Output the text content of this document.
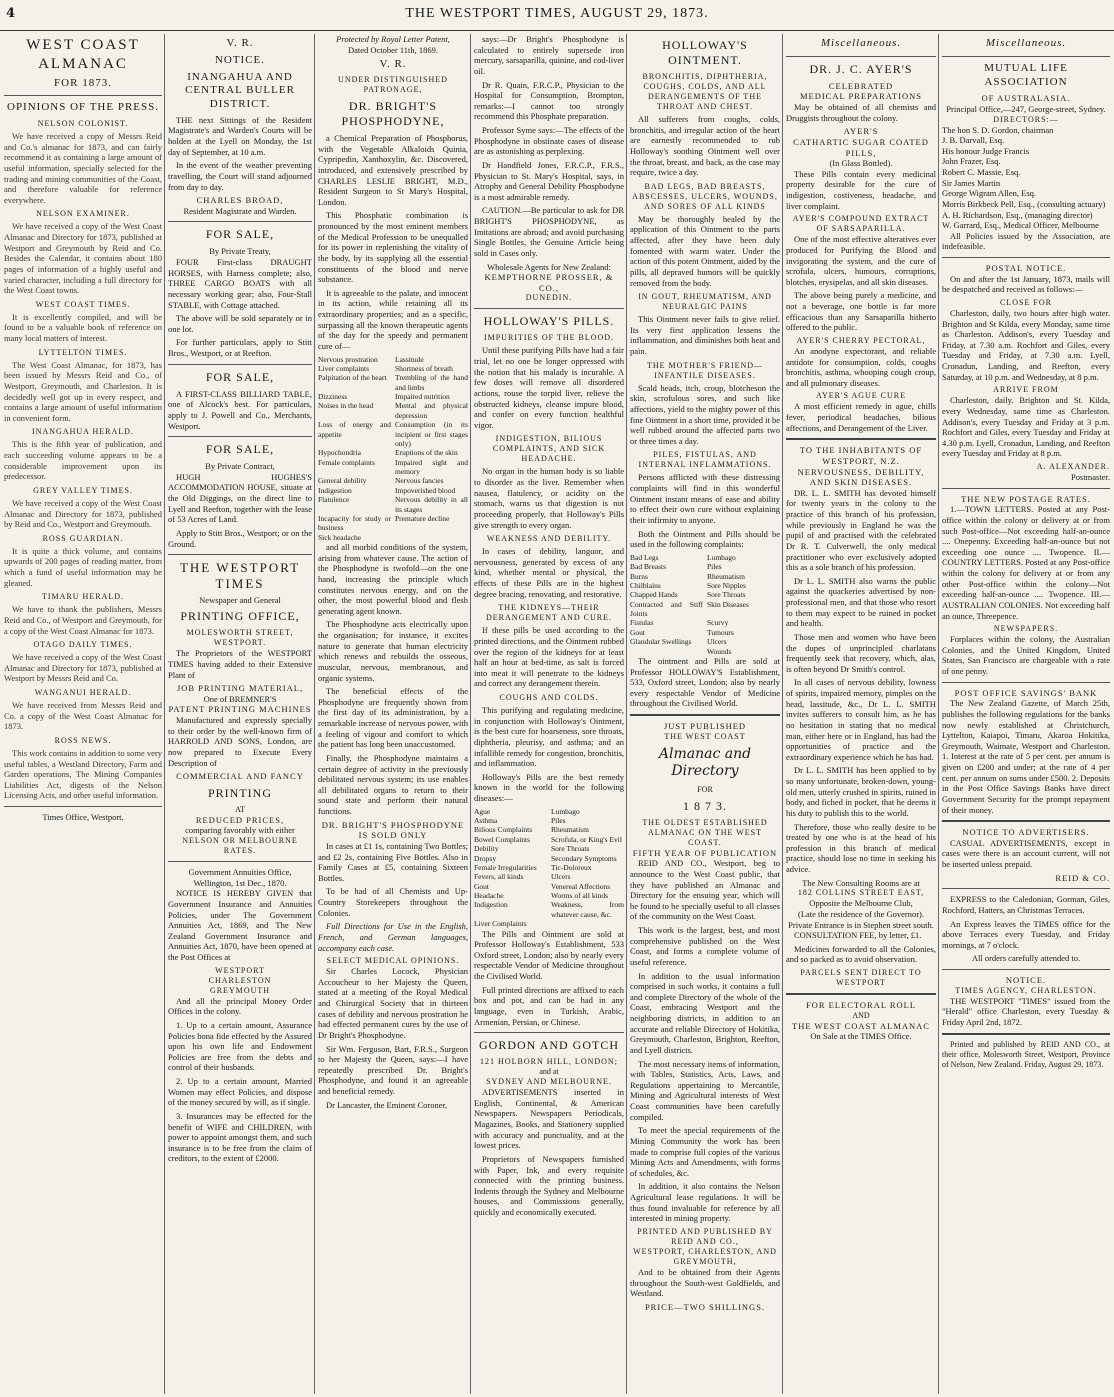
4	THE WESTPORT TIMES, AUGUST 29, 1873.
WEST COAST ALMANAC
FOR 1873.
OPINIONS OF THE PRESS.
NELSON COLONIST.

We have received a copy of Messrs Reid and Co.'s almanac for 1873, and can fairly recommend it as containing a large amount of useful information, specially selected for the trading and mining communities of the Coast, and therefore valuable for reference everywhere.

NELSON EXAMINER.

We have received a copy of the West Coast Almanac and Directory for 1873, published at Westport and Greymouth by Reid and Co. Besides the Calendar, it contains about 180 pages of information of a highly useful and varied character, including a full directory for the West Coast towns.

WEST COAST TIMES.

It is excellently compiled, and will be found to be a valuable book of reference on many local matters of interest.

LYTTELTON TIMES.

The West Coast Almanac, for 1873, has been issued by Messrs Reid and Co., of Westport, Greymouth, and Charleston. It is decidedly well got up in every respect, and contains a large amount of useful information in convenient form.

INANGAHUA HERALD.

This is the fifth year of publication, and each succeeding volume appears to be a considerable improvement upon its predecessor.

GREY VALLEY TIMES.

We have received a copy of the West Coast Almanac and Directory for 1873, published by Reid and Co., Westport and Greymouth.

ROSS GUARDIAN.

It is quite a thick volume, and contains upwards of 200 pages of reading matter, from which a fund of useful information may be gleaned.

TIMARU HERALD.

We have to thank the publishers, Messrs Reid and Co., of Westport and Greymouth, for a copy of the West Coast Almanac for 1873.

OTAGO DAILY TIMES.

We have received a copy of the West Coast Almanac and Directory for 1873, published at Westport by Messrs Reid and Co.

WANGANUI HERALD.

We have received from Messrs Reid and Co. a copy of the West Coast Almanac for 1873.

ROSS NEWS.

This work contains in addition to some very useful tables, a Westland Directory, Farm and Garden operations, The Mining Companies Liabilities Act, digests of the Nelson Licensing Acts, and other useful information.

Times Office, Westport.
V. R.
NOTICE.
INANGAHUA AND CENTRAL BULLER DISTRICT.

THE next Sittings of the Resident Magistrate's and Warden's Courts will be holden at the Lyell on Monday, the 1st day of September, at 10 a.m.

In the event of the weather preventing travelling, the Court will stand adjourned from day to day.

CHARLES BROAD,
Resident Magistrate and Warden.
FOR SALE,
By Private Treaty,

FOUR First-class DRAUGHT HORSES, with Harness complete; also, THREE CARGO BOATS with all necessary working gear; also, Four-Stall STABLE, with Cottage attached.

The above will be sold separately or in one lot.

For further particulars, apply to Stitt Bros., Westport, or at Reefton.

FOR SALE,

A FIRST-CLASS BILLIARD TABLE, one of Alcock's best. For particulars, apply to J. Powell and Co., Merchants, Westport.

FOR SALE,
By Private Contract,

HUGH HUGHES'S ACCOMMODATION HOUSE, situate at the Old Diggings, on the direct line to Lyell and Reefton, together with the lease of 53 Acres of Land.

Apply to Stitt Bros., Westport; or on the Ground.

THE WESTPORT TIMES
Newspaper and General
PRINTING OFFICE,
MOLESWORTH STREET,
WESTPORT.

The Proprietors of the WESTPORT TIMES having added to their Extensive Plant of

JOB PRINTING MATERIAL,
One of BREMNER'S
PATENT PRINTING MACHINES

Manufactured and expressly specially to their order by the well-known firm of HARROLD AND SONS, London, are now prepared to Execute Every Description of

COMMERCIAL AND FANCY
PRINTING
AT
REDUCED PRICES,
comparing favorably with either
NELSON OR MELBOURNE RATES.
Government Annuities Office,
Wellington, 1st Dec., 1870.

NOTICE IS HEREBY GIVEN that Government Insurance and Annuities Policies, under The Government Annuities Act, 1869, and The New Zealand Government Insurance and Annuities Act, 1870, have been opened at the Post Offices at

WESTPORT
CHARLESTON
GREYMOUTH

And all the principal Money Order Offices in the colony.

1. Up to a certain amount, Assurance Policies bona fide effected by the Assured upon his own life and Endowment Policies are free from the debts and control of their husbands.

2. Up to a certain amount, Married Women may effect Policies, and dispose of the money secured by will, as if single.

3. Insurances may be effected for the benefit of WIFE and CHILDREN, with power to appoint amongst them, and such insurance is to be free from the claim of creditors, to the extent of £2000.

Protected by Royal Letter Patent,
Dated October 11th, 1869.
V. R.
UNDER DISTINGUISHED PATRONAGE,
DR. BRIGHT'S PHOSPHODYNE,

a Chemical Preparation of Phosphorus, with the Vegetable Alkaloids Quinia, Cypripedin, Xanthoxylin, &c. Discovered, introduced, and extensively prescribed by CHARLES LESLIE BRIGHT, M.D., Resident Surgeon to St Mary's Hospital, London.

This Phosphatic combination is pronounced by the most eminent members of the Medical Profession to be unequalled for its power in replenishing the vitality of the body, by its supplying all the essential constituents of the blood and nerve substance.

It is agreeable to the palate, and innocent in its action, while retaining all its extraordinary properties; and as a specific, surpassing all the known therapeutic agents of the day for the speedy and permanent cure of—

Nervous prostration	Lassitude
Liver complaints	Shortness of breath
Palpitation of the heart	Trembling of the hand and limbs
Dizziness	Impaired nutrition
Noises in the head	Mental and physical depression
Loss of energy and appetite
Consumption (in its incipient or first stages only)
Hypochondria	Eruptions of the skin
Female complaints	Impaired sight and memory
General debility	Nervous fancies
Indigestion	Impoverished blood
Flatulence	Nervous debility in all its stages
Incapacity for study or business
Premature decline
Sick headache

and all morbid conditions of the system, arising from whatever cause. The action of the Phosphodyne is twofold—on the one hand, increasing the principle which constitutes nervous energy, and on the other, the most powerful blood and flesh generating agent known.

The Phosphodyne acts electrically upon the organisation; for instance, it excites nature to generate that human electricity which renews and rebuilds the osseous, muscular, nervous, membranous, and organic systems.

The beneficial effects of the Phosphodyne are frequently shown from the first day of its administration, by a remarkable increase of nervous power, with a feeling of vigour and comfort to which the patient has long been unaccustomed.

Finally, the Phosphodyne maintains a certain degree of activity in the previously debilitated nervous system; its use enables all debilitated organs to return to their sound state and perform their natural functions.

DR. BRIGHT'S PHOSPHODYNE IS SOLD ONLY

In cases at £1 1s, containing Two Bottles; and £2 2s, containing Five Bottles. Also in Family Cases at £5, containing Sixteen Bottles.

To be had of all Chemists and Up-Country Storekeepers throughout the Colonies.

Full Directions for Use in the English, French, and German languages, accompany each case.

SELECT MEDICAL OPINIONS.

Sir Charles Locock, Physician Accoucheur to her Majesty the Queen, stated at a meeting of the Royal Medical and Chirurgical Society that in thirteen cases of debility and nervous prostration he had effected permanent cures by the use of Dr Bright's Phosphodyne.

Sir Wm. Ferguson, Bart, F.R.S., Surgeon to her Majesty the Queen, says:—I have repeatedly prescribed Dr. Bright's Phosphodyne, and found it an agreeable and beneficial remedy.

Dr Lancaster, the Eminent Coroner,

says:—Dr Bright's Phosphodyne is calculated to entirely supersede iron mercury, sarsaparilla, quinine, and cod-liver oil.

Dr R. Quain, F.R.C.P., Physician to the Hospital for Consumption, Brompton, remarks:—I cannot too strongly recommend this Phosphate preparation.

Professor Syme says:—The effects of the Phosphodyne in obstinate cases of disease are as astonishing as perplexing.

Dr Handfield Jones, F.R.C.P., F.R.S., Physician to St. Mary's Hospital, says, in Atrophy and General Debility Phosphodyne is a most admirable remedy.

CAUTION.—Be particular to ask for DR BRIGHT'S PHOSPHODYNE, as Imitations are abroad; and avoid purchasing Single Bottles, the Genuine Article being sold in Cases only.

Wholesale Agents for New Zealand:
KEMPTHORNE PROSSER, & CO.,
DUNEDIN.
HOLLOWAY'S PILLS.
IMPURITIES OF THE BLOOD.

Until these purifying Pills have had a fair trial, let no one be longer oppressed with the notion that his malady is incurable. A few doses will remove all disordered actions, rouse the torpid liver, relieve the obstructed kidneys, cleanse impure blood, and confer on every function healthful vigor.

INDIGESTION, BILIOUS COMPLAINTS, AND SICK HEADACHE.

No organ in the human body is so liable to disorder as the liver. Remember when nausea, flatulency, or acidity on the stomach, warns us that digestion is not proceeding properly, that Holloway's Pills give strength to every organ.

WEAKNESS AND DEBILITY.

In cases of debility, languor, and nervousness, generated by excess of any kind, whether mental or physical, the effects of these Pills are in the highest degree bracing, renovating, and restorative.

THE KIDNEYS—THEIR DERANGEMENT AND CURE.

If these pills be used according to the printed directions, and the Ointment rubbed over the region of the kidneys for at least half an hour at bed-time, as salt is forced into meat it will penetrate to the kidneys and correct any derangement therein.

COUGHS AND COLDS.

This purifying and regulating medicine, in conjunction with Holloway's Ointment, is the best cure for hoarseness, sore throats, diphtheria, pleurisy, and asthma; and an infallible remedy for congestion, bronchitis, and inflammation.

Holloway's Pills are the best remedy known in the world for the following diseases:—

Ague	Lumbago
Asthma	Piles
Bilious Complaints	Rheumatism
Bowel Complaints	Scrofula, or King's Evil
Debility	Sore Throats
Dropsy	Secondary Symptoms
Female Irregularities	Tic-Doloreux
Fevers, all kinds	Ulcers
Gout	Venereal Affections
Headache	Worms of all kinds
Indigestion	Weakness, from whatever cause, &c.
Liver Complaints

The Pills and Ointment are sold at Professor Holloway's Establishment, 533 Oxford street, London; also by nearly every respectable Vendor of Medicine throughout the Civilised World.

Full printed directions are affixed to each box and pot, and can be had in any language, even in Turkish, Arabic, Armenian, Persian, or Chinese.

GORDON AND GOTCH
121 HOLBORN HILL, LONDON;
and at
SYDNEY AND MELBOURNE.

ADVERTISEMENTS inserted in English, Continental, & American Newspapers. Newspapers Periodicals, Magazines, Books, and Stationery supplied with accuracy and punctuality, and at the lowest prices.

Proprietors of Newspapers furnished with Paper, Ink, and every requisite connected with the printing business. Indents through the Sydney and Melbourne houses, and Commissions generally, quickly and economically executed.

HOLLOWAY'S OINTMENT.
BRONCHITIS, DIPHTHERIA, COUGHS, COLDS, AND ALL DERANGEMENTS OF THE THROAT AND CHEST.

All sufferers from coughs, colds, bronchitis, and irregular action of the heart are earnestly recommended to rub Holloway's soothing Ointment well over the throat, breast, and back, as the case may require, twice a day.

BAD LEGS, BAD BREASTS, ABSCESSES, ULCERS, WOUNDS, AND SORES OF ALL KINDS

May be thoroughly healed by the application of this Ointment to the parts affected, after they have been duly fomented with warm water. Under the action of this potent Ointment, aided by the pills, all depraved humors will be quickly removed from the body.

IN GOUT, RHEUMATISM, AND NEURALGIC PAINS

This Ointment never fails to give relief. Its very first application lessens the inflammation, and diminishes both heat and pain.

THE MOTHER'S FRIEND—INFANTILE DISEASES.

Scald heads, itch, croup, blotcheson the skin, scrofulous sores, and such like affections, yield to the mighty power of this fine Ointment in a short time, provided it be well rubbed around the affected parts two or three times a day.

PILES, FISTULAS, AND INTERNAL INFLAMMATIONS.

Persons afflicted with these distressing complaints will find in this wonderful Ointment instant means of ease and ability to effect their own cure without explaining their infirmity to anyone.

Both the Ointment and Pills should be used in the following complaints:

Bad Legs	Lumbago
Bad Breasts	Piles
Burns	Rheumatism
Chilblains	Sore Nipples
Chapped Hands	Sore Throats
Contracted and Stiff Joints
Skin Diseases
Fistulas	Scurvy
Gout	Tumours
Glandular Swellings	Ulcers
Wounds

The ointment and Pills are sold at Professor HOLLOWAY'S Establishment, 533, Oxford street, London; also by nearly every respectable Vendor of Medicine throughout the Civilised World.

JUST PUBLISHED
THE WEST COAST
Almanac and Directory
FOR
1 8 7 3.
THE OLDEST ESTABLISHED ALMANAC ON THE WEST COAST.
FIFTH YEAR OF PUBLICATION

REID AND CO., Westport, beg to announce to the West Coast public, that they have published an Almanac and Directory for the ensuing year, which will be found to be specially useful to all classes of the community on the West Coast.

This work is the largest, best, and most comprehensive published on the West Coast, and forms a complete volume of useful reference.

In addition to the usual information comprised in such works, it contains a full and complete Directory of the whole of the Coast, embracing Westport and the neighboring districts, in addition to an accurate and reliable Directory of Hokitika, Greymouth, Charleston, Brighton, Reefton, and Lyell districts.

The most necessary items of information, with Tables, Statistics, Acts, Laws, and Regulations appertaining to Mercantile, Mining and Agricultural interests of West Coast communities have been carefully compiled.

To meet the special requirements of the Mining Community the work has been made to comprise full copies of the various Mining Acts and Amendments, with forms of schedules, &c.

In addition, it also contains the Nelson Agricultural lease regulations. It will be thus found invaluable for reference by all interested in mining property.

PRINTED AND PUBLISHED BY
REID AND CO.,
WESTPORT, CHARLESTON, AND GREYMOUTH,

And to be obtained from their Agents throughout the South-west Goldfields, and Westland.

PRICE—TWO SHILLINGS.
Miscellaneous.
DR. J. C. AYER'S
CELEBRATED
MEDICAL PREPARATIONS

May be obtained of all chemists and Druggists throughout the colony.

AYER'S
CATHARTIC SUGAR COATED PILLS,
(In Glass Bottled).

These Pills contain every medicinal property desirable for the cure of indigestion, costiveness, headache, and liver complaint.

AYER'S COMPOUND EXTRACT OF SARSAPARILLA.

One of the most effective alteratives ever produced for Purifying the Blood and invigorating the system, and the cure of scrofula, ulcers, humours, corruptions, blotches, erysipelas, and all skin diseases.

The above being purely a medicine, and not a beverage, one bottle is far more efficacious than any Sarsaparilla hitherto offered to the public.

AYER'S CHERRY PECTORAL,

An anodyne expectorant, and reliable antidote for consumption, colds, coughs bronchitis, asthma, whooping cough croup, and all pulmonary diseases.

AYER'S AGUE CURE

A most efficient remedy in ague, chills fever, periodical headaches, bilious affections, and Derangement of the Liver.

TO THE INHABITANTS OF WESTPORT, N.Z.
NERVOUSNESS, DEBILITY, AND SKIN DISEASES.

DR. L. L. SMITH has devoted himself for twenty years in the colony to the practice of this branch of his profession, while previously in England he was the pupil of and practised with the celebrated Dr R. T. Culverwell, the only medical practitioner who ever exclusively adopted this as a sole branch of his profession.

Dr L. L. SMITH also warns the public against the quackeries advertised by non-professional men, and that those who resort to them may expect to be ruined in pocket and health.

Those men and women who have been the dupes of unprincipled charlatans frequently seek that recovery, which, alas, is often beyond Dr Smith's control.

In all cases of nervous debility, lowness of spirits, impaired memory, pimples on the head, lassitude, &c., Dr L. L. SMITH invites sufferers to consult him, as he has no hesitation in stating that no medical man, either here or in England, has had the opportunities of practice and the extraordinary experience which he has had.

Dr L. L. SMITH has been applied to by so many unfortunate, broken-down, young-old men, utterly crushed in spirits, ruined in body, and fiched in pocket, that he deems it his duty to publish this to the world.

Therefore, those who really desire to be treated by one who is at the head of his profession in this branch of medical practice, should lose no time in seeking his advice.

The New Consulting Rooms are at
182 COLLINS STREET EAST,
Opposite the Melbourne Club,
(Late the residence of the Governor).
Private Entrance is in Stephen street south.

CONSULTATION FEE, by letter, £1.

Medicines forwarded to all the Colonies, and so packed as to avoid observation.

PARCELS SENT DIRECT TO WESTPORT
FOR ELECTORAL ROLL
AND
THE WEST COAST ALMANAC
On Sale at the TIMES Office.
Miscellaneous.
MUTUAL LIFE ASSOCIATION
OF AUSTRALASIA.
Principal Office,—247, George-street, Sydney.
DIRECTORS:—
The hon S. D. Gordon, chairman
J. B. Darvall, Esq.
His honour Judge Francis
John Frazer, Esq.
Robert C. Massie, Esq.
Sir James Martin
George Wigram Allen, Esq.
Morris Birkbeck Pell, Esq., (consulting actuary)
A. H. Richardson, Esq., (managing director)
W. Garrard, Esq., Medical Officer, Melbourne

All Policies issued by the Association, are indefeasible.

POSTAL NOTICE.

On and after the 1st January, 1873, mails will be despatched and received as follows:—

CLOSE FOR

Charleston, daily, two hours after high water. Brighton and St Kilda, every Monday, same time as Charleston. Addison's, every Tuesday and Friday, at 7.30 a.m. Rochfort and Giles, every Tuesday and Friday, at 7.30 a.m. Lyell, Cronadun, Landing, and Reefton, every Saturday, at 10 p.m. and Wednesday, at 8 p.m.

ARRIVE FROM

Charleston, daily. Brighton and St. Kilda, every Wednesday, same time as Charleston. Addison's, every Tuesday and Friday at 3 p.m. Rochfort and Giles, every Tuesday and Friday at 4.30 p.m. Lyell, Cronadun, Landing, and Reefton every Tuesday and Friday at 8 p.m.

A. ALEXANDER.
Postmaster.
THE NEW POSTAGE RATES.

1.—TOWN LETTERS. Posted at any Post-office within the colony or delivery at or from such Post-office—Not exceeding half-an-ounce .... Onepenny. Exceeding half-an-ounce but not exceeding one ounce .... Twopence. II.—COUNTRY LETTERS. Posted at any Post-office within the colony for delivery at or from any other Post-office within the colony—Not exceeding half-an-ounce .... Twopence. III.—AUSTRALIAN COLONIES. Not exceeding half an ounce, Threepence.

NEWSPAPERS.

Forplaces within the colony, the Australian Colonies, and the United Kingdom, United States, San Francisco are chargeable with a rate of one penny.

POST OFFICE SAVINGS' BANK

The New Zealand Gazette, of March 25th, publishes the following regulations for the banks now newly established at Christchurch, Lyttelton, Kaiapoi, Timaru, Akaroa Hokitika, Greymouth, Waimate, Westport and Charleston. 1. Interest at the rate of 5 per cent. per annum is given on £200 and under; at the rate of 4 per cent. per annum on sums under £500. 2. Deposits in the Post Office Savings Banks have direct Government Security for the prompt repayment of their money.

NOTICE TO ADVERTISERS.

CASUAL ADVERTISEMENTS, except in cases were there is an account current, will not be inserted unless prepaid.

REID & CO.

EXPRESS to the Caledonian, Gorman, Giles, Rochford, Hatters, an Christmas Terraces.

An Express leaves the TIMES office for the above Terraces every Tuesday, and Friday mornings, at 7 o'clock.

All orders carefully attended to.
NOTICE.
TIMES AGENCY, CHARLESTON.

THE WESTPORT "TIMES" issued from the "Herald" office Charleston, every Tuesday & Friday April 2nd, 1872.

Printed and published by REID AND CO., at their office, Molesworth Street, Westport, Province of Nelson, New Zealand. Friday, August 29, 1873.
